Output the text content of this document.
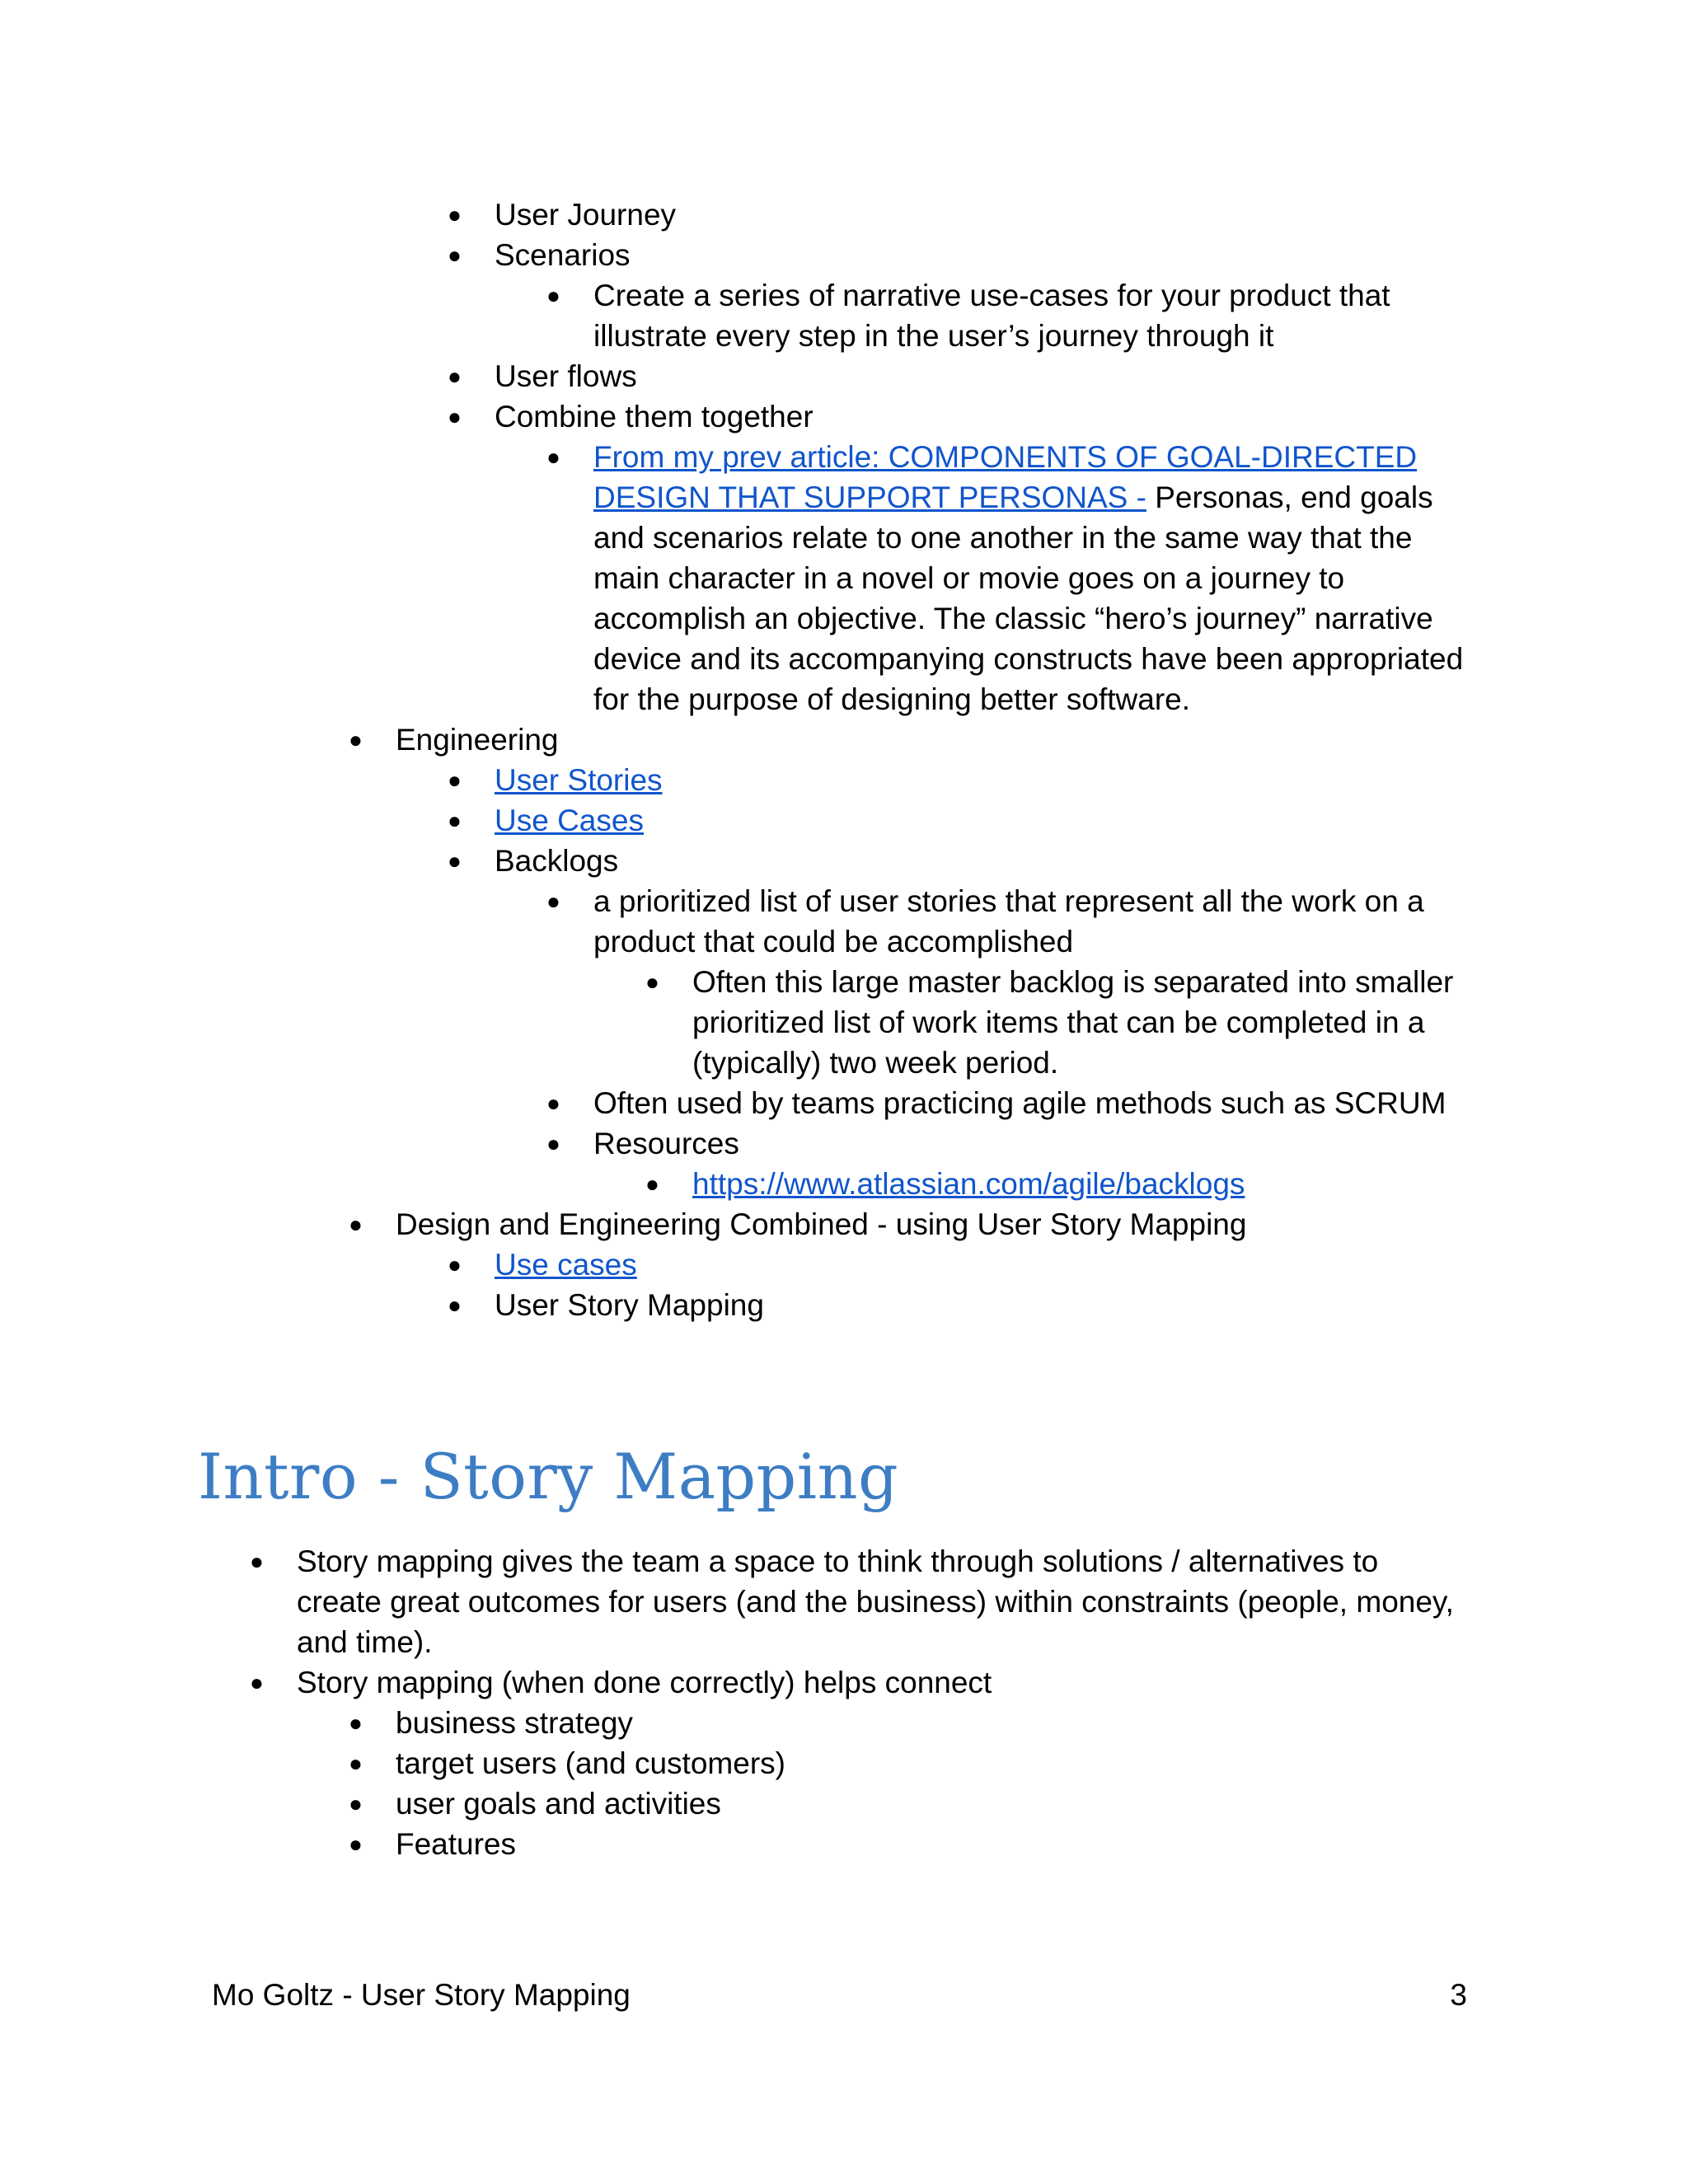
● User Journey
● Scenarios
● Create a series of narrative use-cases for your product that illustrate every step in the user’s journey through it
● User flows
● Combine them together
● From my prev article: COMPONENTS OF GOAL-DIRECTED DESIGN THAT SUPPORT PERSONAS - Personas, end goals and scenarios relate to one another in the same way that the main character in a novel or movie goes on a journey to accomplish an objective. The classic “hero’s journey” narrative device and its accompanying constructs have been appropriated for the purpose of designing better software.
● Engineering
● User Stories
● Use Cases
● Backlogs
● a prioritized list of user stories that represent all the work on a product that could be accomplished
● Often this large master backlog is separated into smaller prioritized list of work items that can be completed in a (typically) two week period.
● Often used by teams practicing agile methods such as SCRUM
● Resources
● https://www.atlassian.com/agile/backlogs
● Design and Engineering Combined - using User Story Mapping
● Use cases
● User Story Mapping
Intro - Story Mapping
● Story mapping gives the team a space to think through solutions / alternatives to create great outcomes for users (and the business) within constraints (people, money, and time).
● Story mapping (when done correctly) helps connect
● business strategy
● target users (and customers)
● user goals and activities
● Features
Mo Goltz - User Story Mapping	3
